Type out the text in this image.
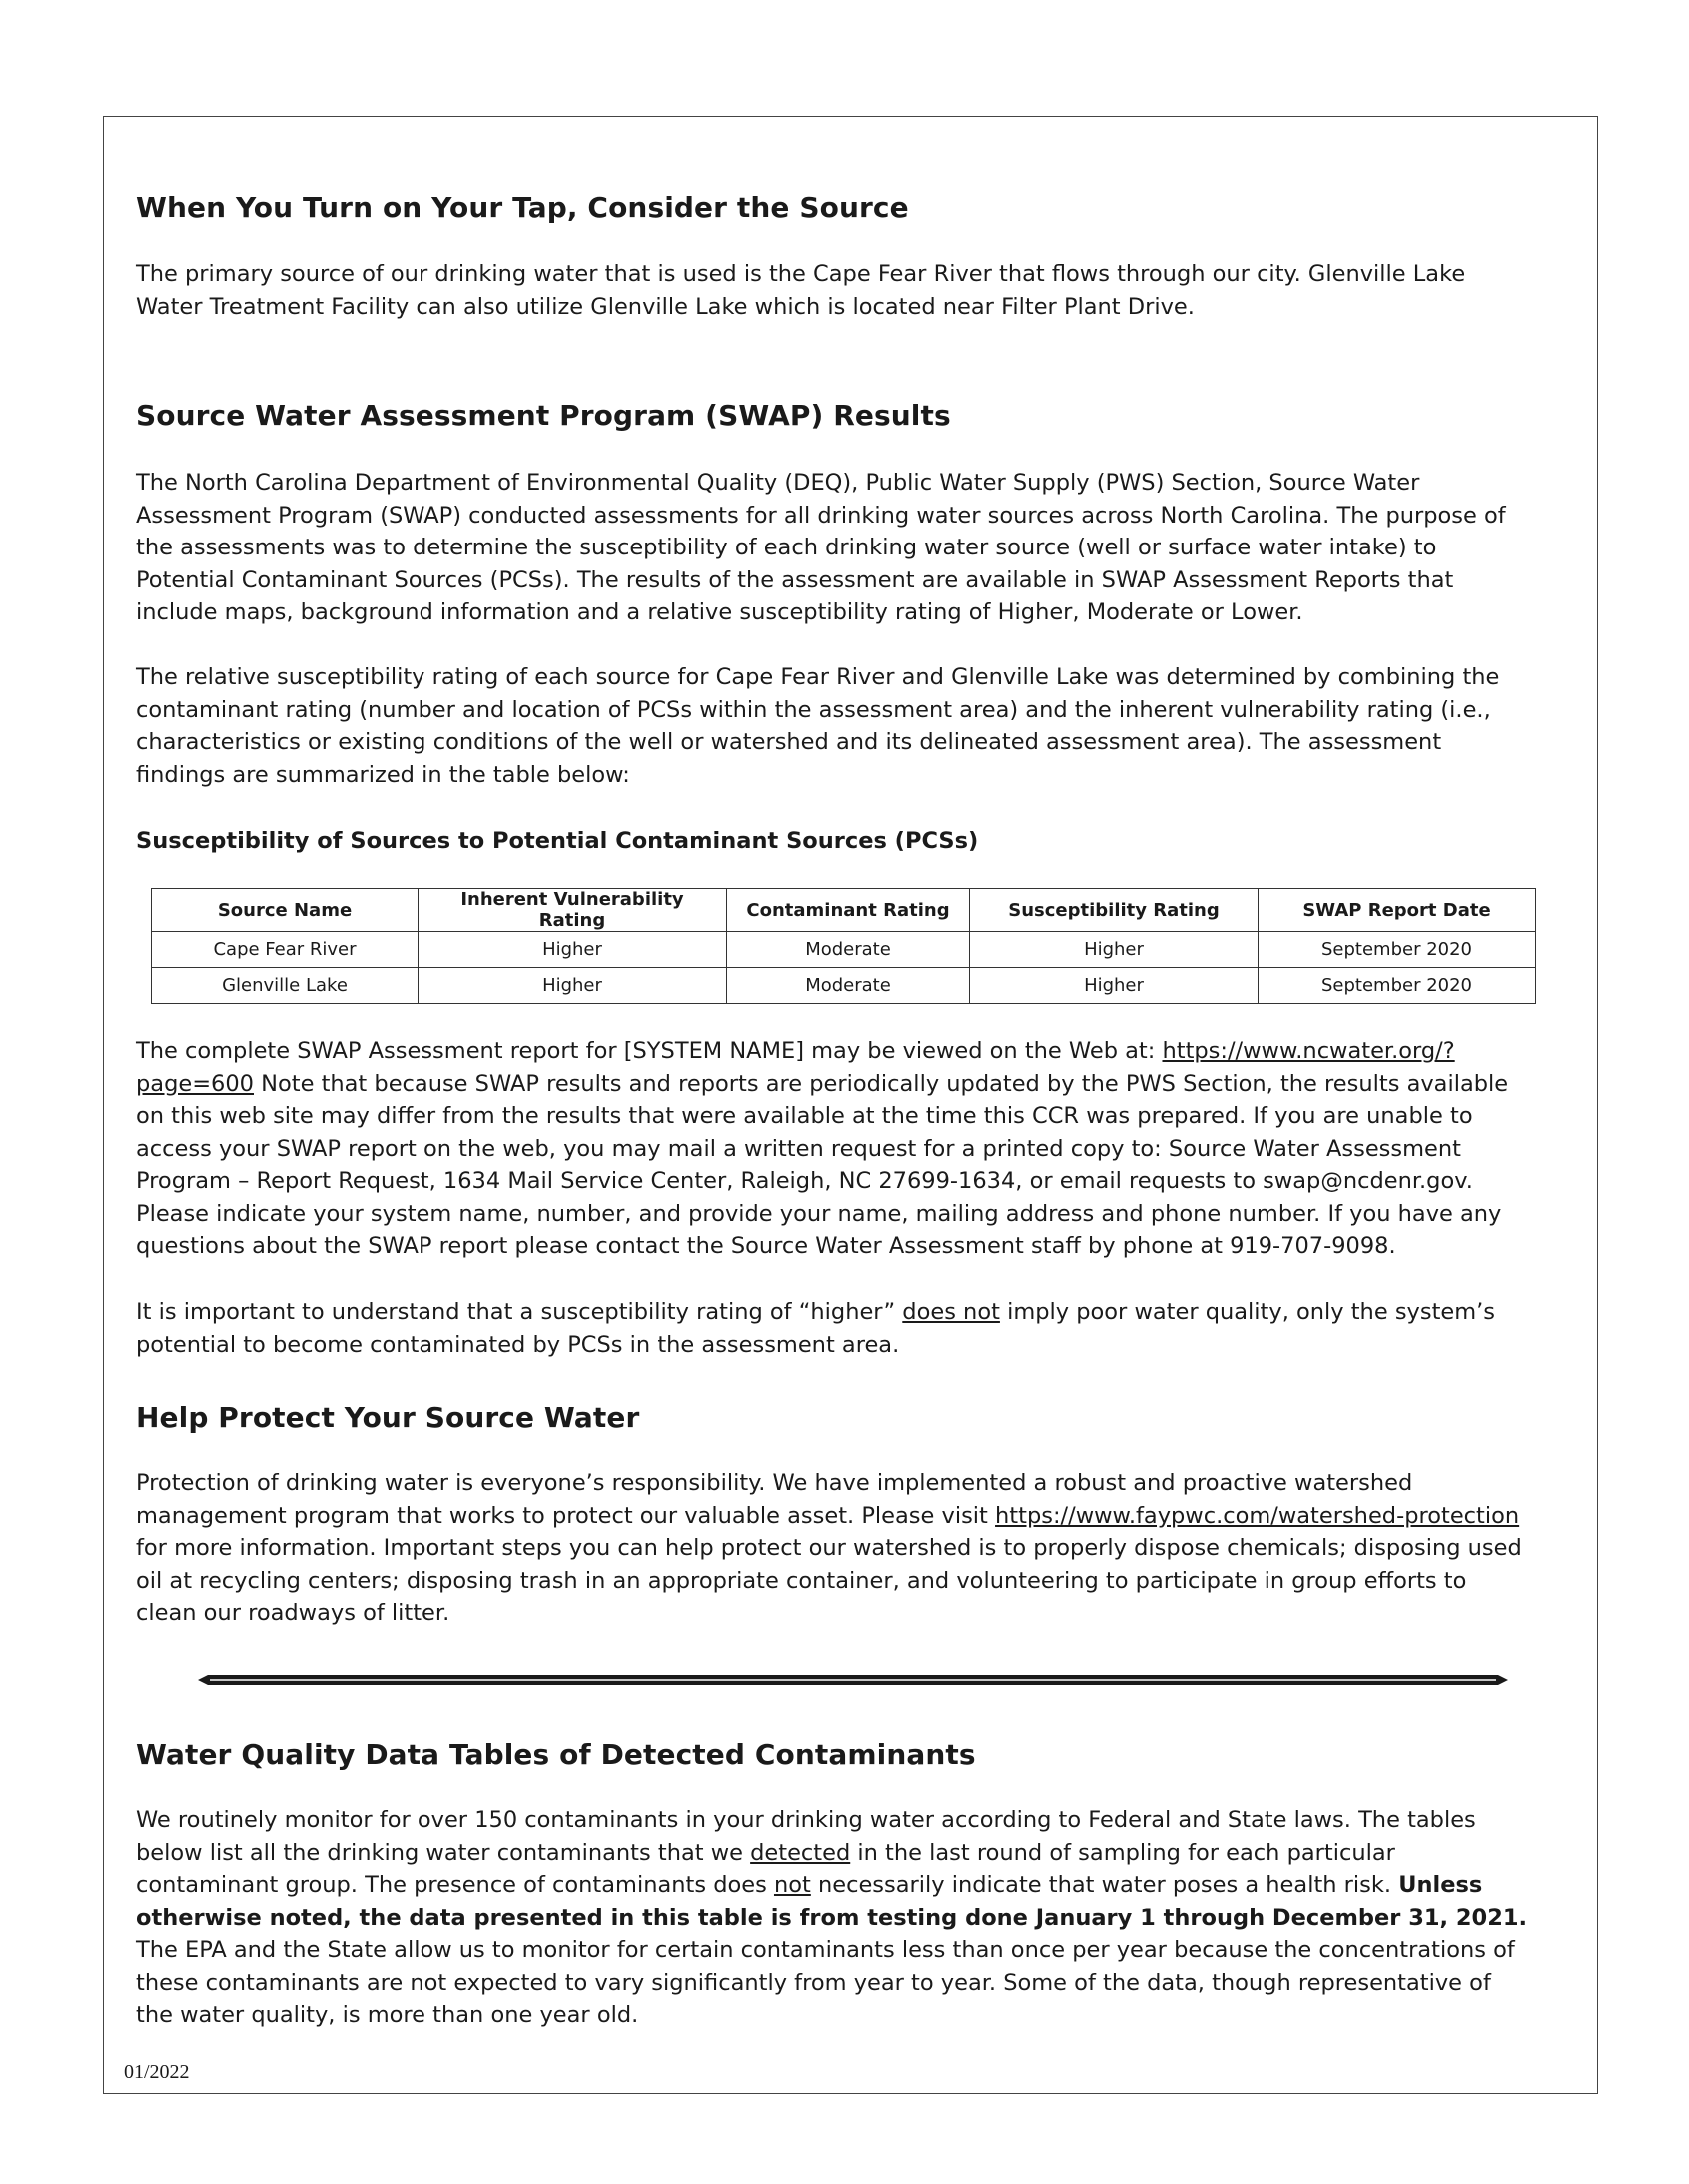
When You Turn on Your Tap, Consider the Source

The primary source of our drinking water that is used is the Cape Fear River that flows through our city. Glenville Lake Water Treatment Facility can also utilize Glenville Lake which is located near Filter Plant Drive.

Source Water Assessment Program (SWAP) Results

The North Carolina Department of Environmental Quality (DEQ), Public Water Supply (PWS) Section, Source Water Assessment Program (SWAP) conducted assessments for all drinking water sources across North Carolina. The purpose of the assessments was to determine the susceptibility of each drinking water source (well or surface water intake) to Potential Contaminant Sources (PCSs). The results of the assessment are available in SWAP Assessment Reports that include maps, background information and a relative susceptibility rating of Higher, Moderate or Lower.

The relative susceptibility rating of each source for Cape Fear River and Glenville Lake was determined by combining the contaminant rating (number and location of PCSs within the assessment area) and the inherent vulnerability rating (i.e., characteristics or existing conditions of the well or watershed and its delineated assessment area). The assessment findings are summarized in the table below:

Susceptibility of Sources to Potential Contaminant Sources (PCSs)
Source Name	Inherent Vulnerability Rating	Contaminant Rating	Susceptibility Rating	SWAP Report Date
Cape Fear River	Higher	Moderate	Higher	September 2020
Glenville Lake	Higher	Moderate	Higher	September 2020

The complete SWAP Assessment report for [SYSTEM NAME] may be viewed on the Web at: https://www.ncwater.org/?page=600 Note that because SWAP results and reports are periodically updated by the PWS Section, the results available on this web site may differ from the results that were available at the time this CCR was prepared. If you are unable to access your SWAP report on the web, you may mail a written request for a printed copy to: Source Water Assessment Program – Report Request, 1634 Mail Service Center, Raleigh, NC 27699-1634, or email requests to swap@ncdenr.gov. Please indicate your system name, number, and provide your name, mailing address and phone number. If you have any questions about the SWAP report please contact the Source Water Assessment staff by phone at 919-707-9098.

It is important to understand that a susceptibility rating of “higher” does not imply poor water quality, only the system’s potential to become contaminated by PCSs in the assessment area.

Help Protect Your Source Water

Protection of drinking water is everyone’s responsibility. We have implemented a robust and proactive watershed management program that works to protect our valuable asset. Please visit https://www.faypwc.com/watershed-protection for more information. Important steps you can help protect our watershed is to properly dispose chemicals; disposing used oil at recycling centers; disposing trash in an appropriate container, and volunteering to participate in group efforts to clean our roadways of litter.

Water Quality Data Tables of Detected Contaminants

We routinely monitor for over 150 contaminants in your drinking water according to Federal and State laws. The tables below list all the drinking water contaminants that we detected in the last round of sampling for each particular contaminant group. The presence of contaminants does not necessarily indicate that water poses a health risk. Unless otherwise noted, the data presented in this table is from testing done January 1 through December 31, 2021. The EPA and the State allow us to monitor for certain contaminants less than once per year because the concentrations of these contaminants are not expected to vary significantly from year to year. Some of the data, though representative of the water quality, is more than one year old.

01/2022
